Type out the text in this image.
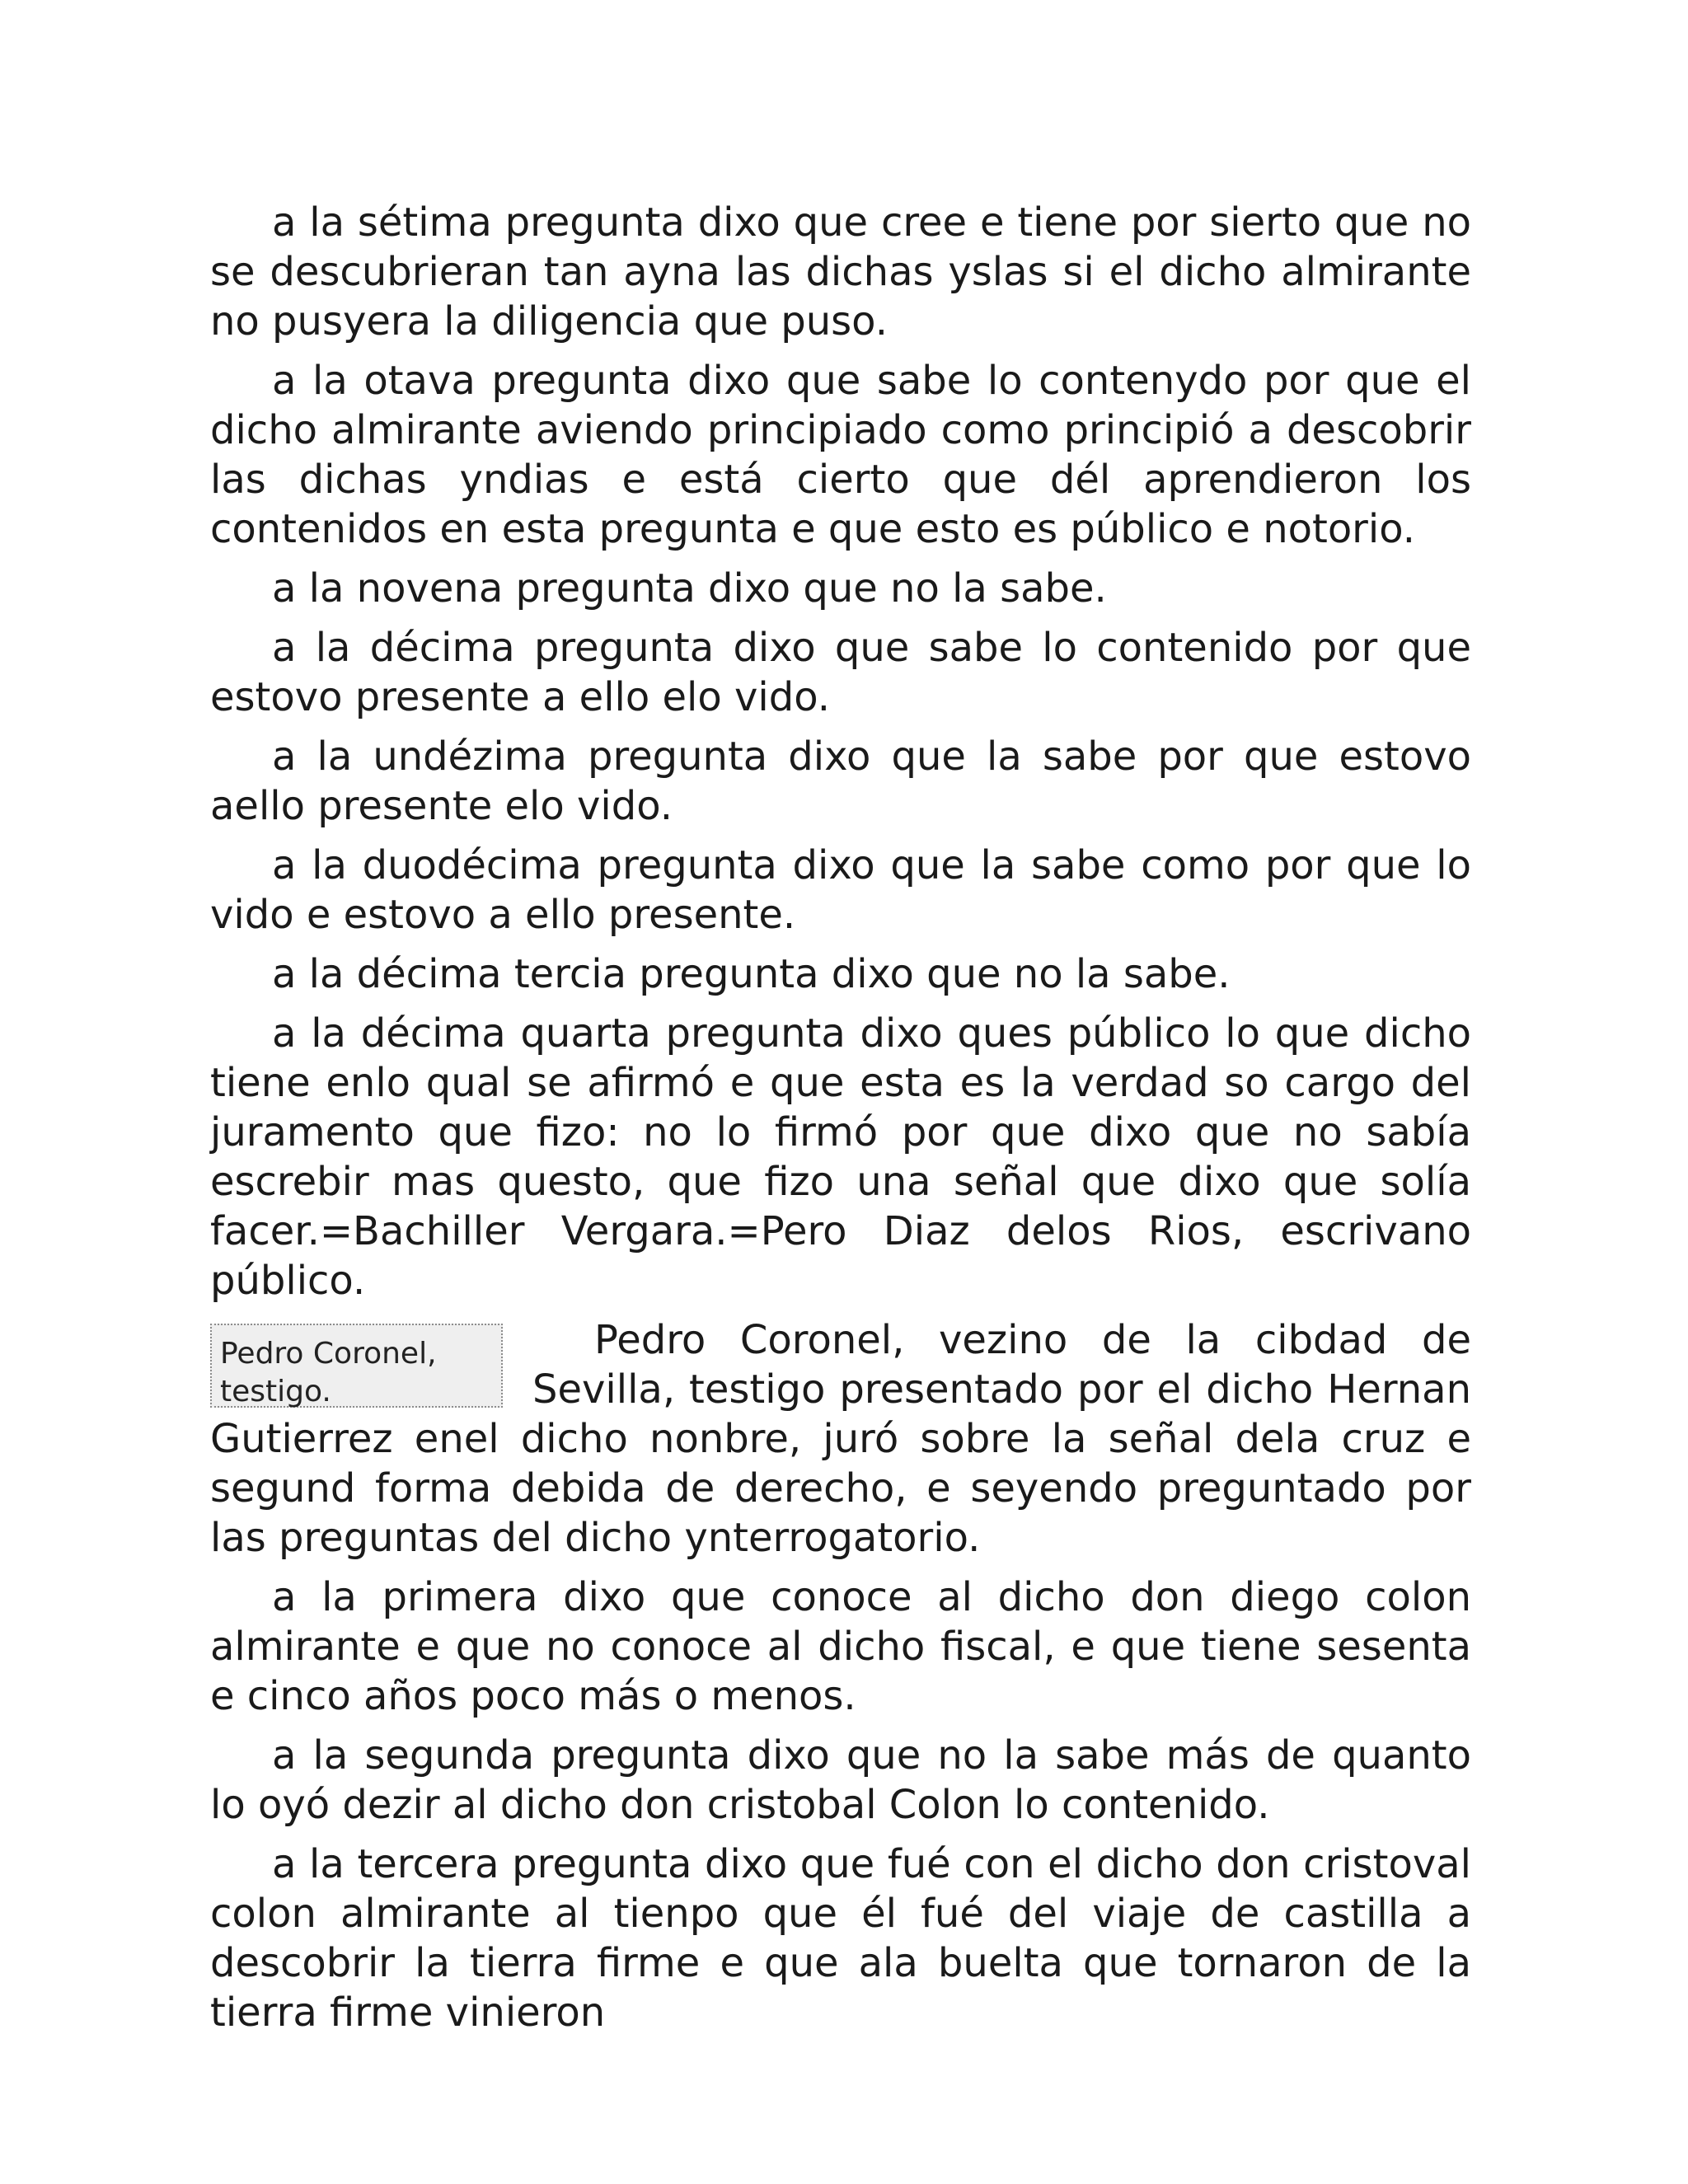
a la sétima pregunta dixo que cree e tiene por sierto que no se descubrieran tan ayna las dichas yslas si el dicho almirante no pusyera la diligencia que puso.

a la otava pregunta dixo que sabe lo contenydo por que el dicho almirante aviendo principiado como principió a descobrir las dichas yndias e está cierto que dél aprendieron los contenidos en esta pregunta e que esto es público e notorio.

a la novena pregunta dixo que no la sabe.

a la décima pregunta dixo que sabe lo contenido por que estovo presente a ello elo vido.

a la undézima pregunta dixo que la sabe por que estovo aello presente elo vido.

a la duodécima pregunta dixo que la sabe como por que lo vido e estovo a ello presente.

a la décima tercia pregunta dixo que no la sabe.

a la décima quarta pregunta dixo ques público lo que dicho tiene enlo qual se afirmó e que esta es la verdad so cargo del juramento que fizo: no lo firmó por que dixo que no sabía escrebir mas questo, que fizo una señal que dixo que solía facer.=Bachiller Vergara.=Pero Diaz delos Rios, escrivano público.

Pedro Coronel, testigo.
Pedro Coronel, vezino de la cibdad de Sevilla, testigo presentado por el dicho Hernan Gutierrez enel dicho nonbre, juró sobre la señal dela cruz e segund forma debida de derecho, e seyendo preguntado por las preguntas del dicho ynterrogatorio.

a la primera dixo que conoce al dicho don diego colon almirante e que no conoce al dicho fiscal, e que tiene sesenta e cinco años poco más o menos.

a la segunda pregunta dixo que no la sabe más de quanto lo oyó dezir al dicho don cristobal Colon lo contenido.

a la tercera pregunta dixo que fué con el dicho don cristoval colon almirante al tienpo que él fué del viaje de castilla a descobrir la tierra firme e que ala buelta que tornaron de la tierra firme vinieron
